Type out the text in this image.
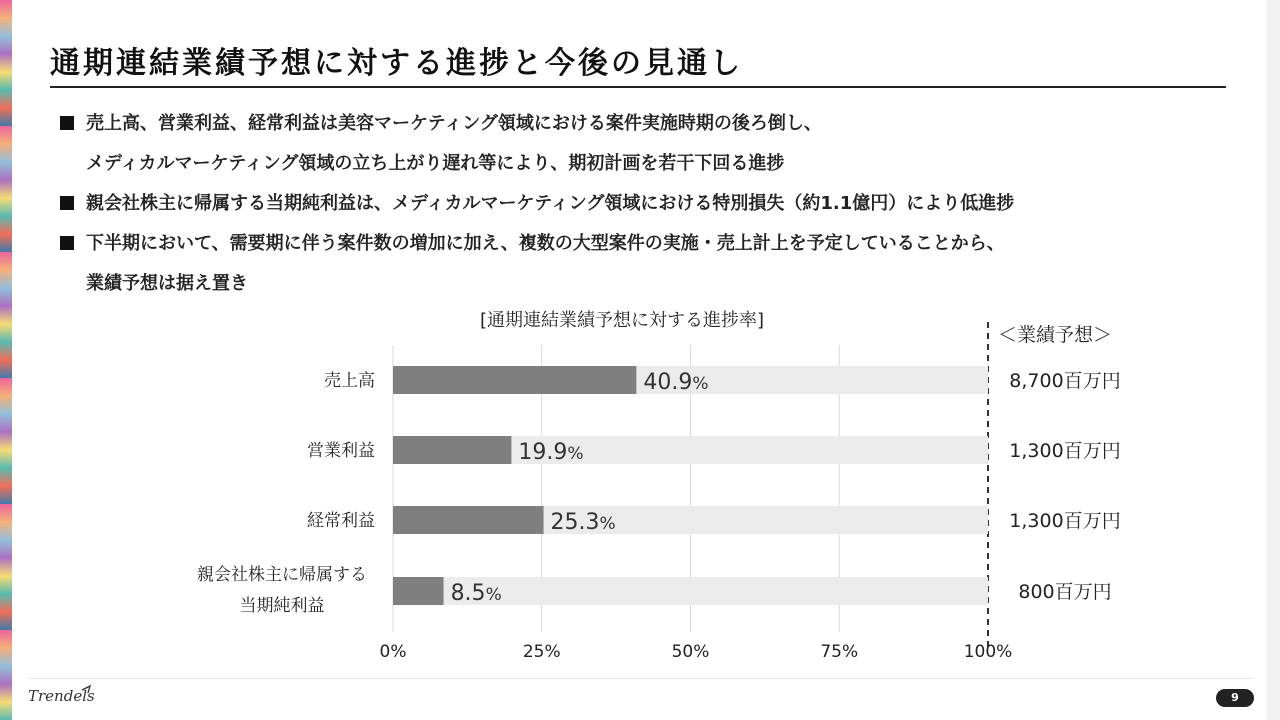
通期連結業績予想に対する進捗と今後の見通し
売上高、営業利益、経常利益は美容マーケティング領域における案件実施時期の後ろ倒し、
メディカルマーケティング領域の立ち上がり遅れ等により、期初計画を若干下回る進捗
親会社株主に帰属する当期純利益は、メディカルマーケティング領域における特別損失（約1.1億円）により低進捗
下半期において、需要期に伴う案件数の増加に加え、複数の大型案件の実施・売上計上を予定していることから、
業績予想は据え置き
[通期連結業績予想に対する進捗率]
＜業績予想＞
0%	25%	50%	75%	100%
40.9%
売上高	8,700百万円
19.9%
営業利益	1,300百万円
25.3%
経常利益	1,300百万円
8.5%
親会社株主に帰属する
当期純利益
800百万円
Trendels	9
